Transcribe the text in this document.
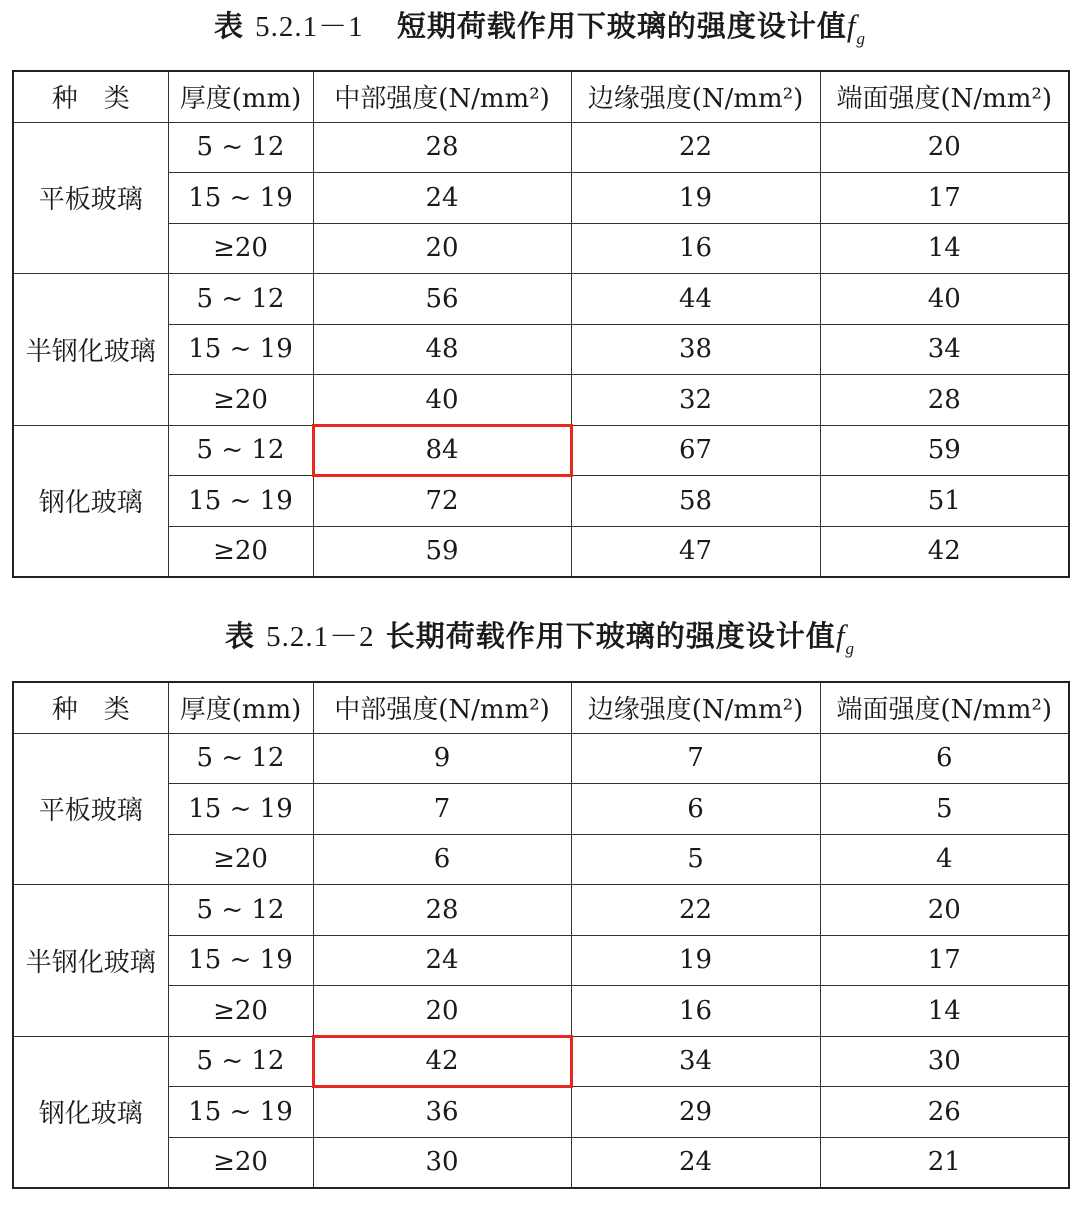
表 5.2.1－1 短期荷载作用下玻璃的强度设计值$f_g$
种　类	厚度(mm)	中部强度(N/mm²)	边缘强度(N/mm²)	端面强度(N/mm²)
平板玻璃	5 ~ 12	28	22	20
	15 ~ 19	24	19	17
	≥20	20	16	14
半钢化玻璃	5 ~ 12	56	44	40
	15 ~ 19	48	38	34
	≥20	40	32	28
钢化玻璃	5 ~ 12	84	67	59
	15 ~ 19	72	58	51
	≥20	59	47	42
表 5.2.1－2 长期荷载作用下玻璃的强度设计值$f_g$
种　类	厚度(mm)	中部强度(N/mm²)	边缘强度(N/mm²)	端面强度(N/mm²)
平板玻璃	5 ~ 12	9	7	6
	15 ~ 19	7	6	5
	≥20	6	5	4
半钢化玻璃	5 ~ 12	28	22	20
	15 ~ 19	24	19	17
	≥20	20	16	14
钢化玻璃	5 ~ 12	42	34	30
	15 ~ 19	36	29	26
	≥20	30	24	21
